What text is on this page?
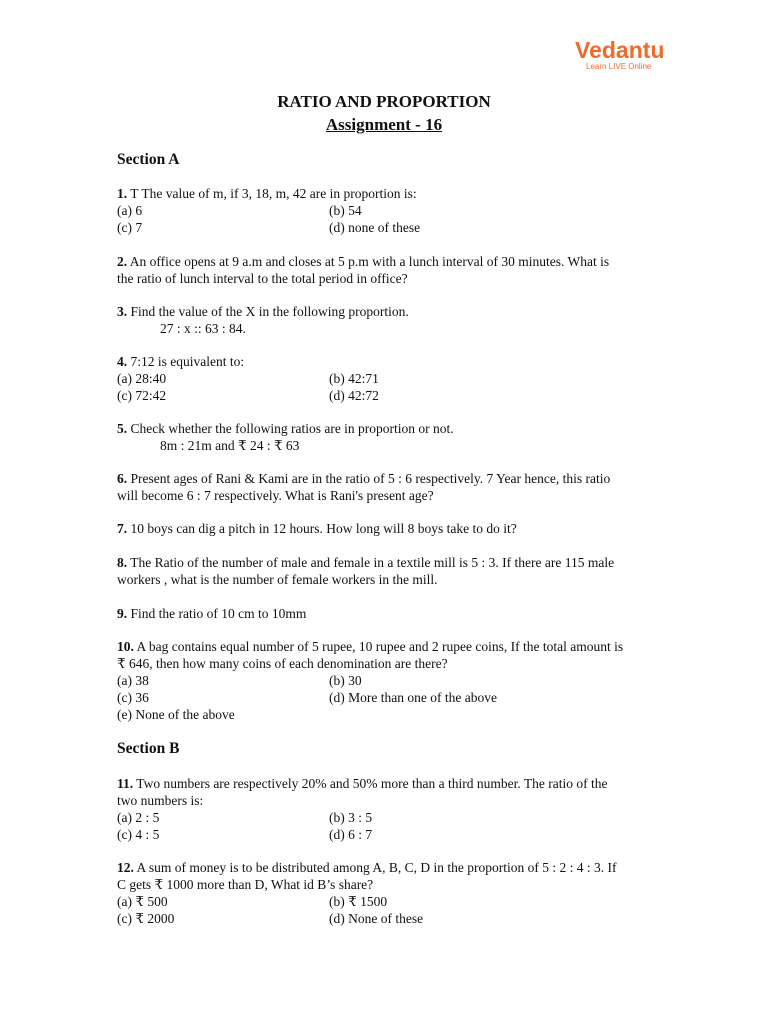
Vedantu
Learn LIVE Online
RATIO AND PROPORTION
Assignment - 16
Section A
1. T The value of m, if 3, 18, m, 42 are in proportion is:
(a) 6	(b) 54
(c) 7	(d) none of these
2. An office opens at 9 a.m and closes at 5 p.m with a lunch interval of 30 minutes. What is
the ratio of lunch interval to the total period in office?
3. Find the value of the X in the following proportion.
27 : x :: 63 : 84.
4. 7:12 is equivalent to:
(a) 28:40	(b) 42:71
(c) 72:42	(d) 42:72
5. Check whether the following ratios are in proportion or not.
8m : 21m and ₹ 24 : ₹ 63
6. Present ages of Rani & Kami are in the ratio of 5 : 6 respectively. 7 Year hence, this ratio
will become 6 : 7 respectively. What is Rani's present age?
7. 10 boys can dig a pitch in 12 hours. How long will 8 boys take to do it?
8. The Ratio of the number of male and female in a textile mill is 5 : 3. If there are 115 male
workers , what is the number of female workers in the mill.
9. Find the ratio of 10 cm to 10mm
10. A bag contains equal number of 5 rupee, 10 rupee and 2 rupee coins, If the total amount is
₹ 646, then how many coins of each denomination are there?
(a) 38	(b) 30
(c) 36	(d) More than one of the above
(e) None of the above
Section B
11. Two numbers are respectively 20% and 50% more than a third number. The ratio of the
two numbers is:
(a) 2 : 5	(b) 3 : 5
(c) 4 : 5	(d) 6 : 7
12. A sum of money is to be distributed among A, B, C, D in the proportion of 5 : 2 : 4 : 3. If
C gets ₹ 1000 more than D, What id B’s share?
(a) ₹ 500	(b) ₹ 1500
(c) ₹ 2000	(d) None of these
